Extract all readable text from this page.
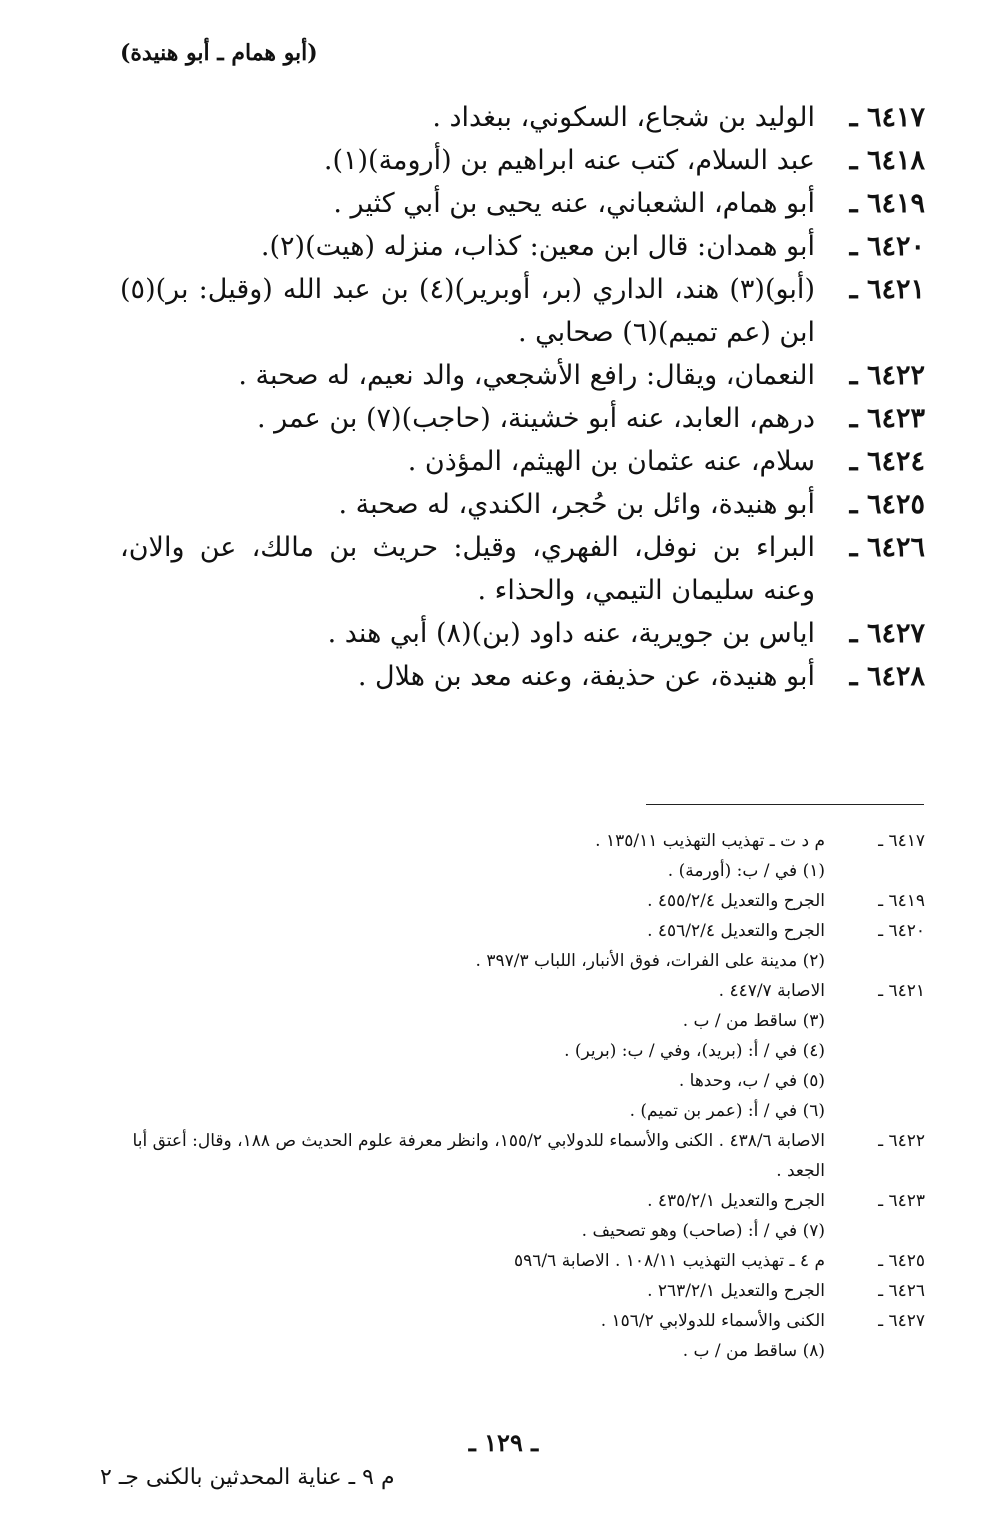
(أبو همام ـ أبو هنيدة)
٦٤١٧ ـ
الوليد بن شجاع، السكوني، ببغداد .
٦٤١٨ ـ
عبد السلام، كتب عنه ابراهيم بن (أرومة)(١).
٦٤١٩ ـ
أبو همام، الشعباني، عنه يحيى بن أبي كثير .
٦٤٢٠ ـ
أبو همدان: قال ابن معين: كذاب، منزله (هيت)(٢).
٦٤٢١ ـ
(أبو)(٣) هند، الداري (بر، أوبرير)(٤) بن عبد الله (وقيل: بر)(٥) ابن (عم تميم)(٦) صحابي .
٦٤٢٢ ـ
النعمان، ويقال: رافع الأشجعي، والد نعيم، له صحبة .
٦٤٢٣ ـ
درهم، العابد، عنه أبو خشينة، (حاجب)(٧) بن عمر .
٦٤٢٤ ـ
سلام، عنه عثمان بن الهيثم، المؤذن .
٦٤٢٥ ـ
أبو هنيدة، وائل بن حُجر، الكندي، له صحبة .
٦٤٢٦ ـ
البراء بن نوفل، الفهري، وقيل: حريث بن مالك، عن والان، وعنه سليمان التيمي، والحذاء .
٦٤٢٧ ـ
اياس بن جويرية، عنه داود (بن)(٨) أبي هند .
٦٤٢٨ ـ
أبو هنيدة، عن حذيفة، وعنه معد بن هلال .
٦٤١٧ ـ
م د ت ـ تهذيب التهذيب ١٣٥/١١ .
(١) في / ب: (أورمة) .
٦٤١٩ ـ
الجرح والتعديل ٤٥٥/٢/٤ .
٦٤٢٠ ـ
الجرح والتعديل ٤٥٦/٢/٤ .
(٢) مدينة على الفرات، فوق الأنبار، اللباب ٣٩٧/٣ .
٦٤٢١ ـ
الاصابة ٤٤٧/٧ .
(٣) ساقط من / ب .
(٤) في / أ: (بريد)، وفي / ب: (برير) .
(٥) في / ب، وحدها .
(٦) في / أ: (عمر بن تميم) .
٦٤٢٢ ـ
الاصابة ٤٣٨/٦ . الكنى والأسماء للدولابي ١٥٥/٢، وانظر معرفة علوم الحديث ص ١٨٨، وقال: أعتق أبا الجعد .
٦٤٢٣ ـ
الجرح والتعديل ٤٣٥/٢/١ .
(٧) في / أ: (صاحب) وهو تصحيف .
٦٤٢٥ ـ
م ٤ ـ تهذيب التهذيب ١٠٨/١١ . الاصابة ٥٩٦/٦
٦٤٢٦ ـ
الجرح والتعديل ٢٦٣/٢/١ .
٦٤٢٧ ـ
الكنى والأسماء للدولابي ١٥٦/٢ .
(٨) ساقط من / ب .
ـ ١٢٩ ـ
م ٩ ـ عناية المحدثين بالكنى جـ ٢
